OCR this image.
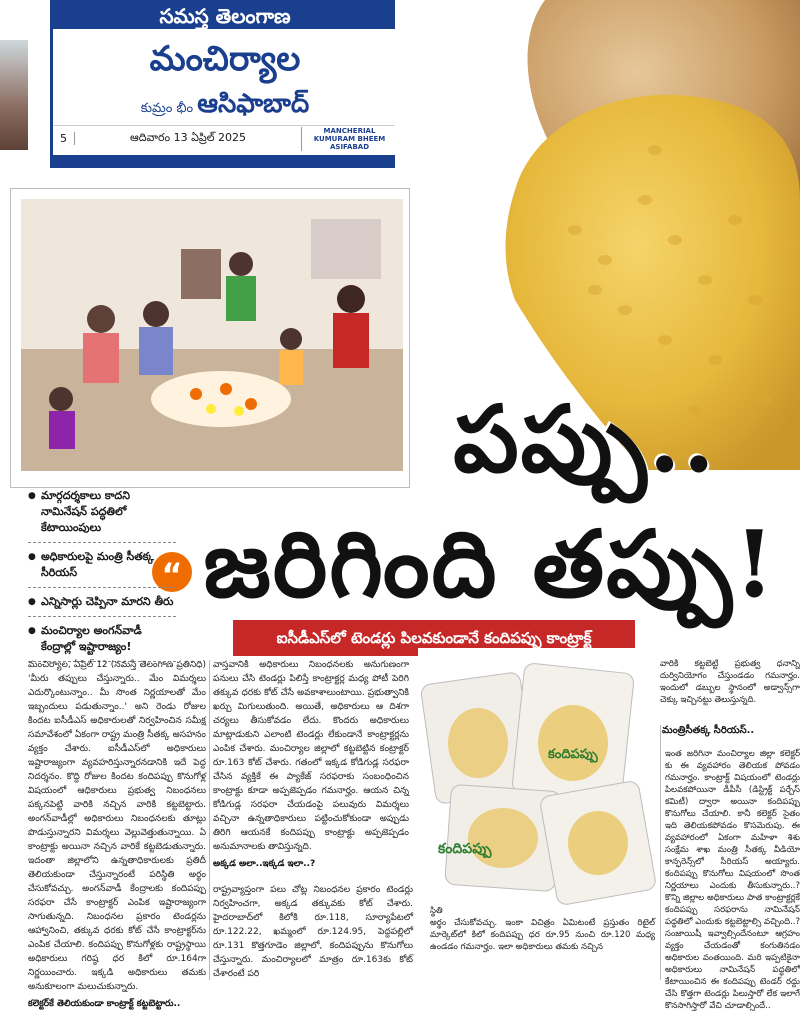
సమస్త తెలంగాణ
మంచిర్యాల
కుమ్రం భీం ఆసిఫాబాద్
5	ఆదివారం 13 ఏప్రిల్ 2025	MANCHERIAL
KUMURAM BHEEM
ASIFABAD
పప్పు..
జరిగింది తప్పు!
“
● మార్గదర్శకాలు కాదని నామినేషన్ పద్ధతిలో కేటాయింపులు
● అధికారులపై మంత్రి సీతక్క సీరియస్
● ఎన్నిసార్లు చెప్పినా మారని తీరు
● మంచిర్యాల అంగన్‌వాడీ కేంద్రాల్లో ఇష్టారాజ్యం!	ఐసీడీఎస్‌లో టెండర్లు పిలవకుండానే కందిపప్పు కాంట్రాక్ట్
మంచిర్యాల, ఏప్రిల్ 12 (నమస్తే తెలంగాణ ప్రతినిధి) 'మీరు తప్పులు చేస్తున్నారు.. మేం విమర్శలు ఎదుర్కొంటున్నాం.. మీ సొంత నిర్ణయాలతో మేం ఇబ్బందులు పడుతున్నాం..' అని రెండు రోజుల కిందట ఐసీడీఎస్ అధికారులతో నిర్వహించిన సమీక్ష సమావేశంలో ఏకంగా రాష్ట్ర మంత్రి సీతక్క అసహనం వ్యక్తం చేశారు. ఐసీడీఎస్‌లో అధికారులు ఇష్టారాజ్యంగా వ్యవహరిస్తున్నారనడానికి ఇదే పెద్ద నిదర్శనం. కొద్ది రోజుల కిందట కందిపప్పు కొనుగోళ్ల విషయంలో ఆధికారులు ప్రభుత్వ నిబంధనలు పక్కనపెట్టి వారికి నచ్చిన వారికి కట్టబెట్టారు. అంగన్‌వాడీల్లో అధికారులు నిబంధనలకు తూట్లు పొడుస్తున్నారని విమర్శలు వెల్లువెత్తుతున్నాయి. ఏ కాంట్రాక్టు అయినా నచ్చిన వారికే కట్టబెడుతున్నారు. ఇదంతా జిల్లాలోని ఉన్నతాధికారులకు ప్రతిదీ తెలియకుండా చేస్తున్నారంటే పరిస్థితి అర్థం చేసుకోవచ్చు. అంగన్‌వాడీ కేంద్రాలకు కందిపప్పు సరఫరా చేసే కాంట్రాక్టర్ ఎంపిక ఇష్టారాజ్యంగా సాగుతున్నది. నిబంధనల ప్రకారం టెండర్లను ఆహ్వానించి, తక్కువ ధరకు కోట్ చేసే కాంట్రాక్టర్‌ను ఎంపిక చేయాలి. కందిపప్పు కొనుగోళ్లకు రాష్ట్రస్థాయి అధికారులు గరిష్ఠ ధర కిలో రూ.164గా నిర్ణయించారు. ఇక్కడి అధికారులు తమకు అనుకూలంగా మలుచుకున్నారు.
కలెక్టర్‌కే తెలియకుండా కాంట్రాక్ట్ కట్టబెట్టారు..
వాస్తవానికి అధికారులు నిబంధనలకు అనుగుణంగా పనులు చేసి టెండర్లు పిలిస్తే కాంట్రాక్టర్ల మధ్య పోటీ పెరిగి తక్కువ ధరకు కోట్ చేసే అవకాశాలుంటాయి. ప్రభుత్వానికి ఖర్చు మిగులుతుంది. అయితే, అధికారులు ఆ దిశగా చర్యలు తీసుకోవడం లేదు. కొందరు అధికారులు మాట్లాడుకుని ఎలాంటి టెండర్లు లేకుండానే కాంట్రాక్టర్లను ఎంపిక చేశారు. మంచిర్యాల జిల్లాలో కట్టబెట్టిన కంట్రాక్టర్ రూ.163 కోట్ చేశారు. గతంలో ఇక్కడ కోడిగుడ్ల సరఫరా చేసిన వ్యక్తికే ఈ ప్యాకేజ్ సరఫరాకు సంబంధించిన కాంట్రాక్టు కూడా అప్పజెప్పడం గమనార్హం. ఆయన చిన్న కోడిగుడ్ల సరఫరా చేయడంపై పలువురు విమర్శలు వచ్చినా ఉన్నతాధికారులు పట్టించుకోకుండా అప్పుడు తిరిగి ఆయనకే కందిపప్పు కాంట్రాక్టు అప్పజెప్పడం అనుమానాలకు తావిస్తున్నది.
అక్కడ అలా..ఇక్కడ ఇలా..?
రాష్ట్రవ్యాప్తంగా పలు చోట్ల నిబంధనల ప్రకారం టెండర్లు నిర్వహించగా, అక్కడ తక్కువకు కోట్ చేశారు. హైదరాబాద్‌లో కిలోకి రూ.118, సూర్యాపేటలో రూ.122.22, ఖమ్మంలో రూ.124.95, పెద్దపల్లిలో రూ.131 కొత్తగూడెం జిల్లాలో, కందిపప్పును కొనుగోలు చేస్తున్నారు. మంచిర్యాలలో మాత్రం రూ.163కు కోట్ చేశారంటే పరి
వారికి కట్టబెట్టి ప్రభుత్వ ధనాన్ని దుర్వినియోగం చేస్తుండడం గమనార్హం. ఇందులో డబ్బుల స్థానంలో అడ్వాన్స్‌గా చెక్కు ఇచ్చినట్టు తెలుస్తున్నది.
మంత్రిసీతక్క సీరియస్..
ఇంత జరిగినా మంచిర్యాల జిల్లా కలెక్టర్ కు ఈ వ్యవహారం తెలియక పోవడం గమనార్హం. కాంట్రాక్ట్ విషయంలో టెండర్లు పిలవకపోయినా డీపీసీ (డిస్ట్రిక్ట్ పర్చేస్ కమిటీ) ద్వారా అయినా కందిపప్పు కొనుగోలు చేయాలి. కానీ కలెక్టర్ సైతం ఇది తెలియకపోవడం కొసమెరుపు. ఈ వ్యవహారంలో ఏకంగా మహిళా శిశు సంక్షేమ శాఖ మంత్రి సీతక్క వీడియో కాన్ఫరెన్స్‌లో సీరియస్ అయ్యారు. కందిపప్పు కొనుగోలు విషయంలో సొంత నిర్ణయాలు ఎందుకు తీసుకున్నారు..? కొన్ని జిల్లాల అధికారులు పాత కాంట్రాక్టర్లకే కందిపప్పు సరఫరాను నామినేషన్ పద్ధతిలో ఎందుకు కట్టబెట్టాల్సి వచ్చింది..? సంజాయిషీ ఇవ్వాల్సిందేనంటూ ఆగ్రహం వ్యక్తం చేయడంతో కంగుతినడం అధికారుల వంతయింది. మరి ఇప్పటికైనా అధికారులు నామినేషన్ పద్ధతిలో కేటాయించిన ఈ కందిపప్పు టెండర్ రద్దు చేసి కొత్తగా టెండర్లు పిలుస్తారో లేక ఇలాగే కొనసాగిస్తారో వేచి చూడాల్సిందే..
స్థితి
అర్థం చేసుకోవచ్చు. ఇంకా విచిత్రం ఏమిటంటే ప్రస్తుతం రిటైల్ మార్కెట్‌లో కిలో కందిపప్పు ధర రూ.95 నుంచి రూ.120 మధ్య ఉండడం గమనార్హం. ఇలా అధికారులు తమకు నచ్చిన
కందిపప్పు
కందిపప్పు
